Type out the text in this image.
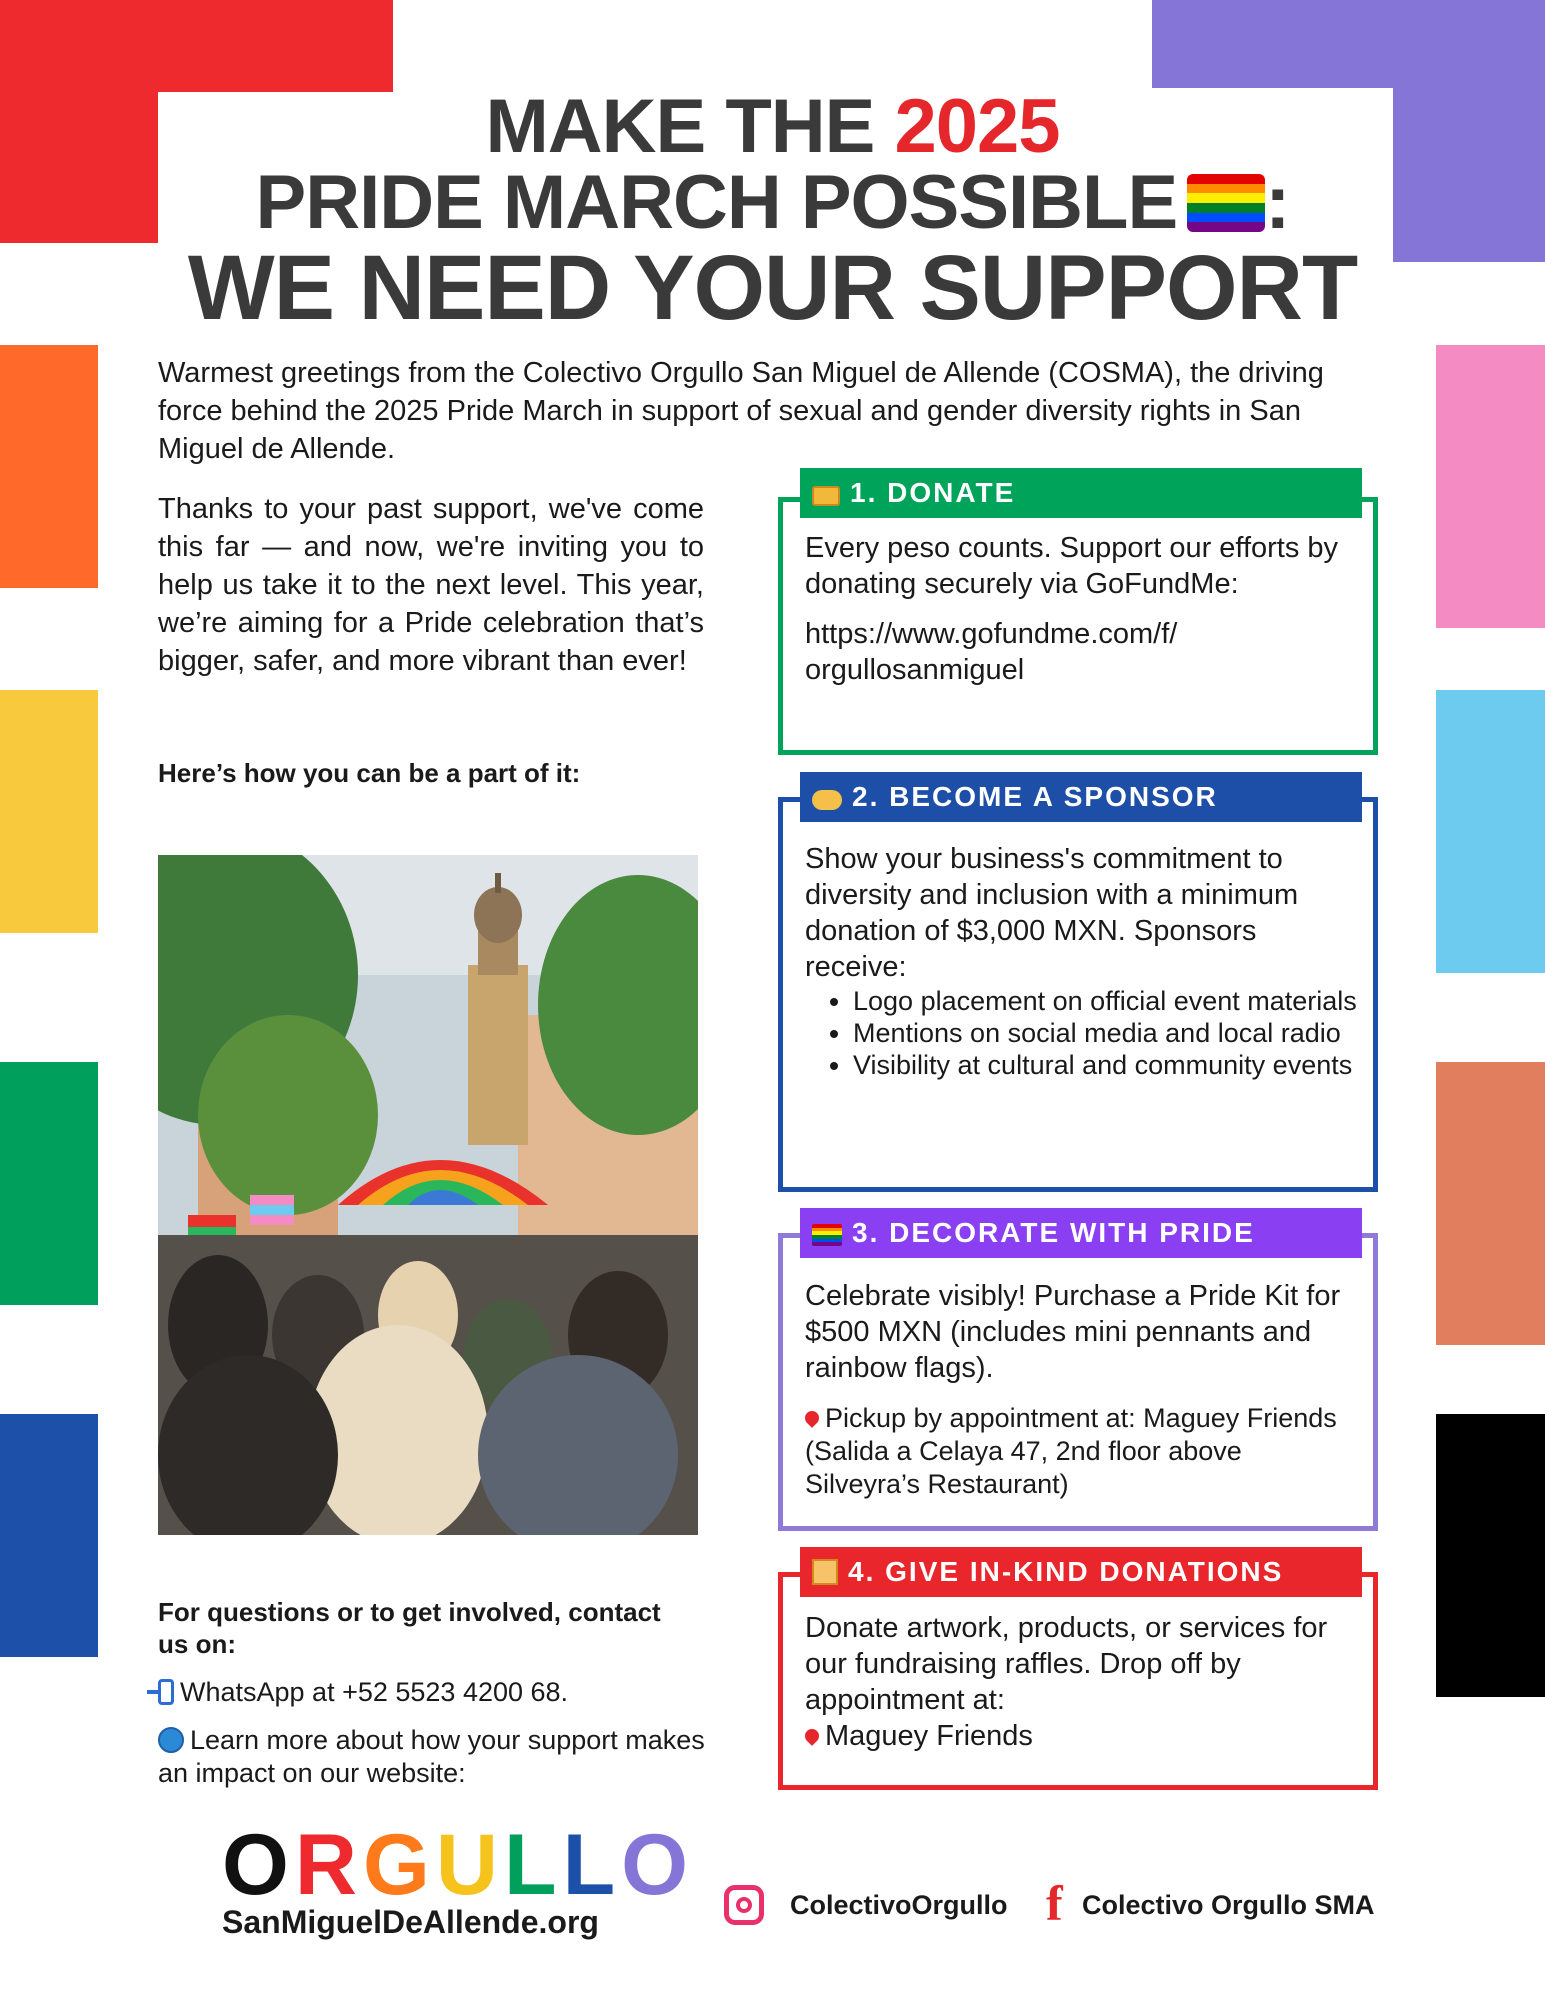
MAKE THE 2025
PRIDE MARCH POSSIBLE :
WE NEED YOUR SUPPORT
Warmest greetings from the Colectivo Orgullo San Miguel de Allende (COSMA), the driving force behind the 2025 Pride March in support of sexual and gender diversity rights in San Miguel de Allende.
Thanks to your past support, we've come this far — and now, we're inviting you to help us take it to the next level. This year, we’re aiming for a Pride celebration that’s bigger, safer, and more vibrant than ever!
Here’s how you can be a part of it:
For questions or to get involved, contact us on:
WhatsApp at +52 5523 4200 68.
Learn more about how your support makes an impact on our website:
1. DONATE

Every peso counts. Support our efforts by donating securely via GoFundMe:

https://www.gofundme.com/f/ orgullosanmiguel

2. BECOME A SPONSOR

Show your business's commitment to diversity and inclusion with a minimum donation of $3,000 MXN. Sponsors receive:

• Logo placement on official event materials
• Mentions on social media and local radio
• Visibility at cultural and community events
3. DECORATE WITH PRIDE

Celebrate visibly! Purchase a Pride Kit for $500 MXN (includes mini pennants and rainbow flags).

Pickup by appointment at: Maguey Friends (Salida a Celaya 47, 2nd floor above Silveyra’s Restaurant)

4. GIVE IN-KIND DONATIONS

Donate artwork, products, or services for our fundraising raffles. Drop off by appointment at:

Maguey Friends

ORGULLO
SanMiguelDeAllende.org	ColectivoOrgullo f Colectivo Orgullo SMA
